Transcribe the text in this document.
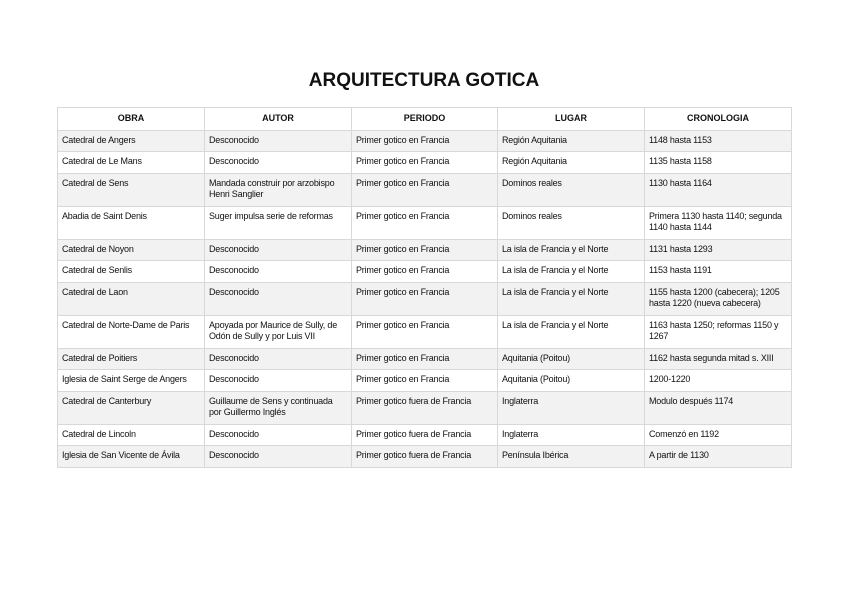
ARQUITECTURA GOTICA
OBRA	AUTOR	PERIODO	LUGAR	CRONOLOGIA
Catedral de Angers	Desconocido	Primer gotico en Francia	Región Aquitania	1148 hasta 1153
Catedral de Le Mans	Desconocido	Primer gotico en Francia	Región Aquitania	1135 hasta 1158
Catedral de Sens	Mandada construir por arzobispo Henri Sanglier	Primer gotico en Francia	Dominos reales	1130 hasta 1164
Abadia de Saint Denis	Suger impulsa serie de reformas	Primer gotico en Francia	Dominos reales	Primera 1130 hasta 1140; segunda 1140 hasta 1144
Catedral de Noyon	Desconocido	Primer gotico en Francia	La isla de Francia y el Norte	1131 hasta 1293
Catedral de Senlis	Desconocido	Primer gotico en Francia	La isla de Francia y el Norte	1153 hasta 1191
Catedral de Laon	Desconocido	Primer gotico en Francia	La isla de Francia y el Norte	1155 hasta 1200 (cabecera); 1205 hasta 1220 (nueva cabecera)
Catedral de Norte-Dame de Paris	Apoyada por Maurice de Sully, de Odón de Sully y por Luis VII	Primer gotico en Francia	La isla de Francia y el Norte	1163 hasta 1250; reformas 1150 y 1267
Catedral de Poitiers	Desconocido	Primer gotico en Francia	Aquitania (Poitou)	1162 hasta segunda mitad s. XIII
Iglesia de Saint Serge de Angers	Desconocido	Primer gotico en Francia	Aquitania (Poitou)	1200-1220
Catedral de Canterbury	Guillaume de Sens y continuada por Guillermo Inglés	Primer gotico fuera de Francia	Inglaterra	Modulo después 1174
Catedral de Lincoln	Desconocido	Primer gotico fuera de Francia	Inglaterra	Comenzó en 1192
Iglesia de San Vicente de Ávila	Desconocido	Primer gotico fuera de Francia	Península Ibérica	A partir de 1130
